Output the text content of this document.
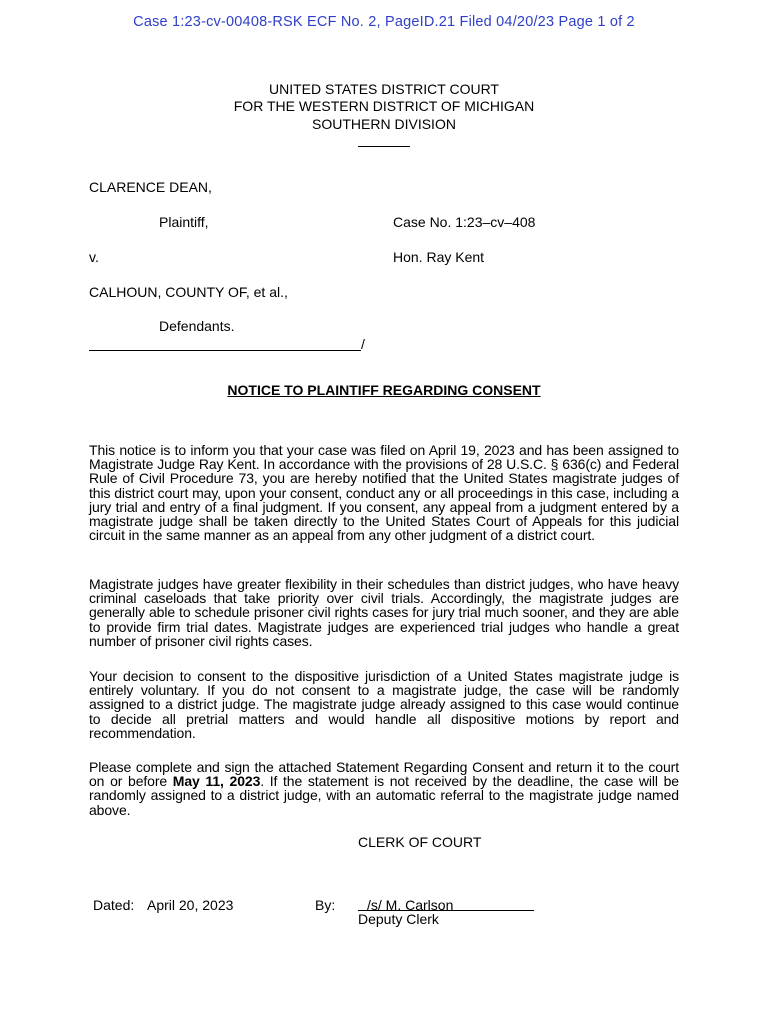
Case 1:23-cv-00408-RSK ECF No. 2, PageID.21 Filed 04/20/23 Page 1 of 2
UNITED STATES DISTRICT COURT
FOR THE WESTERN DISTRICT OF MICHIGAN
SOUTHERN DIVISION
CLARENCE DEAN,
Plaintiff,	Case No. 1:23–cv–408
v.	Hon. Ray Kent
CALHOUN, COUNTY OF, et al.,
Defendants.
/
NOTICE TO PLAINTIFF REGARDING CONSENT
This notice is to inform you that your case was filed on April 19, 2023 and has been assigned to Magistrate Judge Ray Kent. In accordance with the provisions of 28 U.S.C. § 636(c) and Federal Rule of Civil Procedure 73, you are hereby notified that the United States magistrate judges of this district court may, upon your consent, conduct any or all proceedings in this case, including a jury trial and entry of a final judgment. If you consent, any appeal from a judgment entered by a magistrate judge shall be taken directly to the United States Court of Appeals for this judicial circuit in the same manner as an appeal from any other judgment of a district court.
Magistrate judges have greater flexibility in their schedules than district judges, who have heavy criminal caseloads that take priority over civil trials. Accordingly, the magistrate judges are generally able to schedule prisoner civil rights cases for jury trial much sooner, and they are able to provide firm trial dates. Magistrate judges are experienced trial judges who handle a great number of prisoner civil rights cases.
Your decision to consent to the dispositive jurisdiction of a United States magistrate judge is entirely voluntary. If you do not consent to a magistrate judge, the case will be randomly assigned to a district judge. The magistrate judge already assigned to this case would continue to decide all pretrial matters and would handle all dispositive motions by report and recommendation.
Please complete and sign the attached Statement Regarding Consent and return it to the court on or before May 11, 2023. If the statement is not received by the deadline, the case will be randomly assigned to a district judge, with an automatic referral to the magistrate judge named above.
CLERK OF COURT
Dated: April 20, 2023	By: /s/ M. Carlson
Deputy Clerk
